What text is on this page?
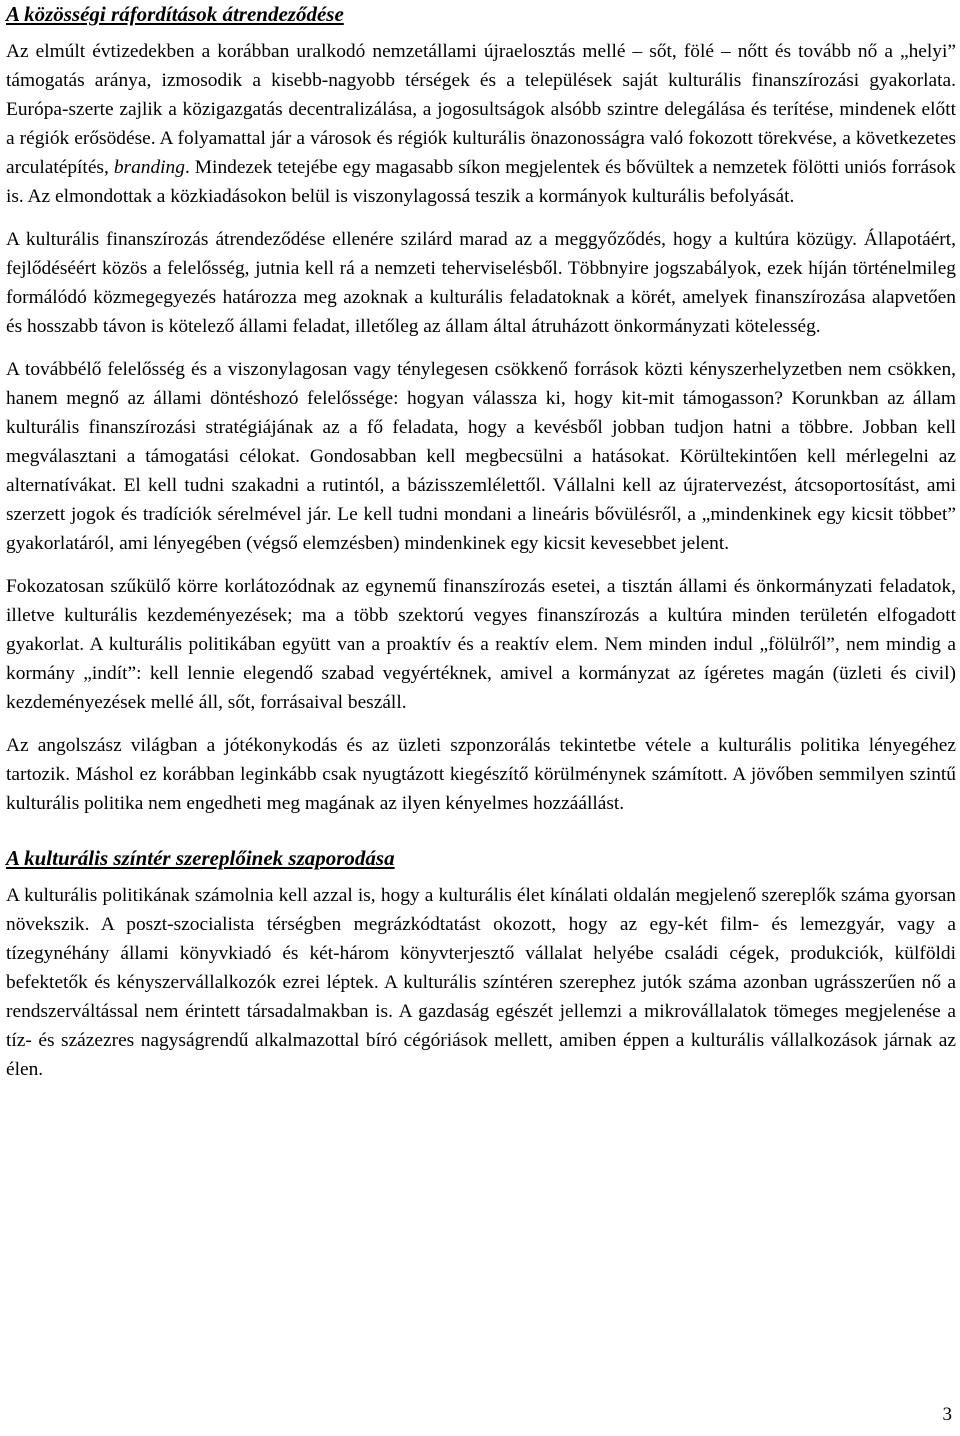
A közösségi ráfordítások átrendeződése

Az elmúlt évtizedekben a korábban uralkodó nemzetállami újraelosztás mellé – sőt, fölé – nőtt és tovább nő a „helyi” támogatás aránya, izmosodik a kisebb-nagyobb térségek és a települések saját kulturális finanszírozási gyakorlata. Európa-szerte zajlik a közigazgatás decentralizálása, a jogosultságok alsóbb szintre delegálása és terítése, mindenek előtt a régiók erősödése. A folyamattal jár a városok és régiók kulturális önazonosságra való fokozott törekvése, a következetes arculatépítés, branding. Mindezek tetejébe egy magasabb síkon megjelentek és bővültek a nemzetek fölötti uniós források is. Az elmondottak a közkiadásokon belül is viszonylagossá teszik a kormányok kulturális befolyását.

A kulturális finanszírozás átrendeződése ellenére szilárd marad az a meggyőződés, hogy a kultúra közügy. Állapotáért, fejlődéséért közös a felelősség, jutnia kell rá a nemzeti teherviselésből. Többnyire jogszabályok, ezek híján történelmileg formálódó közmegegyezés határozza meg azoknak a kulturális feladatoknak a körét, amelyek finanszírozása alapvetően és hosszabb távon is kötelező állami feladat, illetőleg az állam által átruházott önkormányzati kötelesség.

A továbbélő felelősség és a viszonylagosan vagy ténylegesen csökkenő források közti kényszerhelyzetben nem csökken, hanem megnő az állami döntéshozó felelőssége: hogyan válassza ki, hogy kit-mit támogasson? Korunkban az állam kulturális finanszírozási stratégiájának az a fő feladata, hogy a kevésből jobban tudjon hatni a többre. Jobban kell megválasztani a támogatási célokat. Gondosabban kell megbecsülni a hatásokat. Körültekintően kell mérlegelni az alternatívákat. El kell tudni szakadni a rutintól, a bázisszemlélettől. Vállalni kell az újratervezést, átcsoportosítást, ami szerzett jogok és tradíciók sérelmével jár. Le kell tudni mondani a lineáris bővülésről, a „mindenkinek egy kicsit többet” gyakorlatáról, ami lényegében (végső elemzésben) mindenkinek egy kicsit kevesebbet jelent.

Fokozatosan szűkülő körre korlátozódnak az egynemű finanszírozás esetei, a tisztán állami és önkormányzati feladatok, illetve kulturális kezdeményezések; ma a több szektorú vegyes finanszírozás a kultúra minden területén elfogadott gyakorlat. A kulturális politikában együtt van a proaktív és a reaktív elem. Nem minden indul „fölülről”, nem mindig a kormány „indít”: kell lennie elegendő szabad vegyértéknek, amivel a kormányzat az ígéretes magán (üzleti és civil) kezdeményezések mellé áll, sőt, forrásaival beszáll.

Az angolszász világban a jótékonykodás és az üzleti szponzorálás tekintetbe vétele a kulturális politika lényegéhez tartozik. Máshol ez korábban leginkább csak nyugtázott kiegészítő körülménynek számított. A jövőben semmilyen szintű kulturális politika nem engedheti meg magának az ilyen kényelmes hozzáállást.

A kulturális színtér szereplőinek szaporodása

A kulturális politikának számolnia kell azzal is, hogy a kulturális élet kínálati oldalán megjelenő szereplők száma gyorsan növekszik. A poszt-szocialista térségben megrázkódtatást okozott, hogy az egy-két film- és lemezgyár, vagy a tízegynéhány állami könyvkiadó és két-három könyvterjesztő vállalat helyébe családi cégek, produkciók, külföldi befektetők és kényszervállalkozók ezrei léptek. A kulturális színtéren szerephez jutók száma azonban ugrásszerűen nő a rendszerváltással nem érintett társadalmakban is. A gazdaság egészét jellemzi a mikrovállalatok tömeges megjelenése a tíz- és százezres nagyságrendű alkalmazottal bíró cégóriások mellett, amiben éppen a kulturális vállalkozások járnak az élen.

3
